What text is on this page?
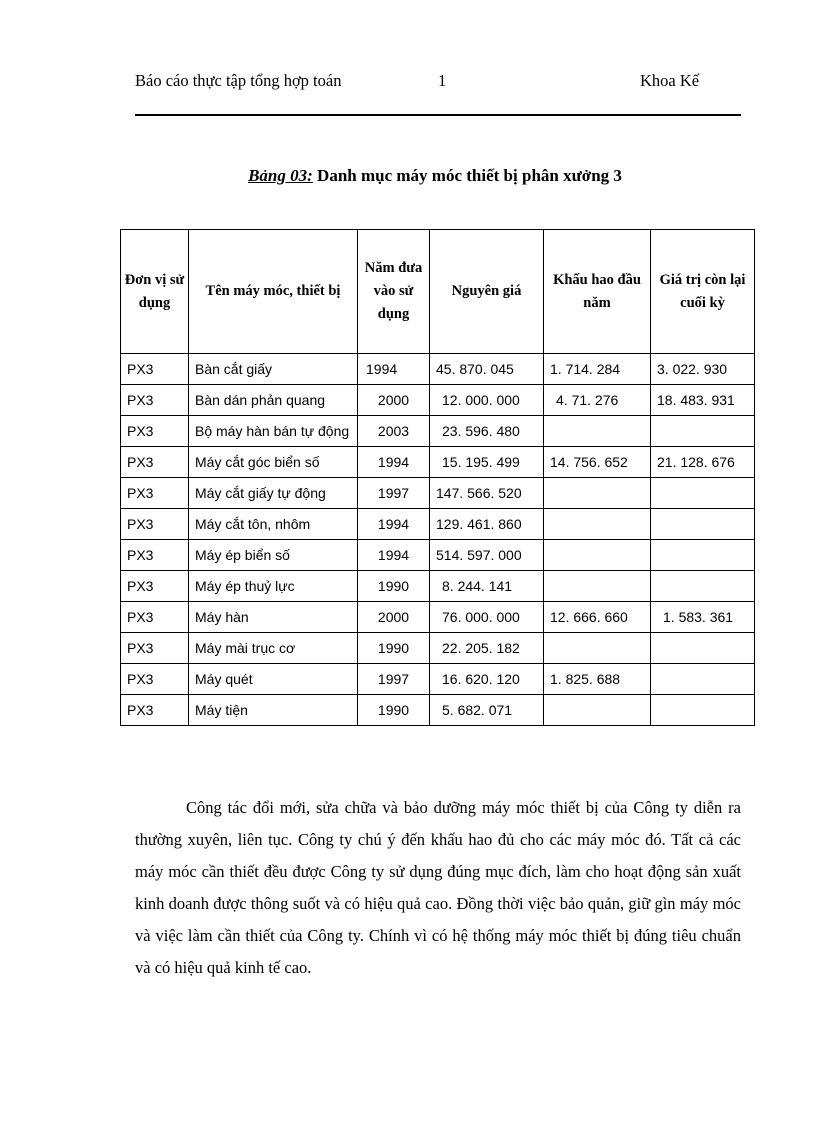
Báo cáo thực tập tổng hợp toán	1	Khoa Kế
Bảng 03: Danh mục máy móc thiết bị phân xưởng 3
Đơn vị sử dụng	Tên máy móc, thiết bị	Năm đưa vào sử dụng	Nguyên giá	Khấu hao đầu năm	Giá trị còn lại cuối kỳ
PX3	Bàn cắt giấy	1994	45. 870. 045	1. 714. 284	3. 022. 930
PX3	Bàn dán phản quang	2000	12. 000. 000	4. 71. 276	18. 483. 931
PX3	Bộ máy hàn bán tự động	2003	23. 596. 480		
PX3	Máy cắt góc biển số	1994	15. 195. 499	14. 756. 652	21. 128. 676
PX3	Máy cắt giấy tự động	1997	147. 566. 520		
PX3	Máy cắt tôn, nhôm	1994	129. 461. 860		
PX3	Máy ép biển số	1994	514. 597. 000		
PX3	Máy ép thuỷ lực	1990	8. 244. 141		
PX3	Máy hàn	2000	76. 000. 000	12. 666. 660	1. 583. 361
PX3	Máy mài trục cơ	1990	22. 205. 182		
PX3	Máy quét	1997	16. 620. 120	1. 825. 688	
PX3	Máy tiện	1990	5. 682. 071		

Công tác đổi mới, sửa chữa và bảo dưỡng máy móc thiết bị của Công ty diễn ra thường xuyên, liên tục. Công ty chú ý đến khấu hao đủ cho các máy móc đó. Tất cả các máy móc cần thiết đều được Công ty sử dụng đúng mục đích, làm cho hoạt động sản xuất kinh doanh được thông suốt và có hiệu quả cao. Đồng thời việc bảo quản, giữ gìn máy móc và việc làm cần thiết của Công ty. Chính vì có hệ thống máy móc thiết bị đúng tiêu chuẩn và có hiệu quả kinh tế cao.
